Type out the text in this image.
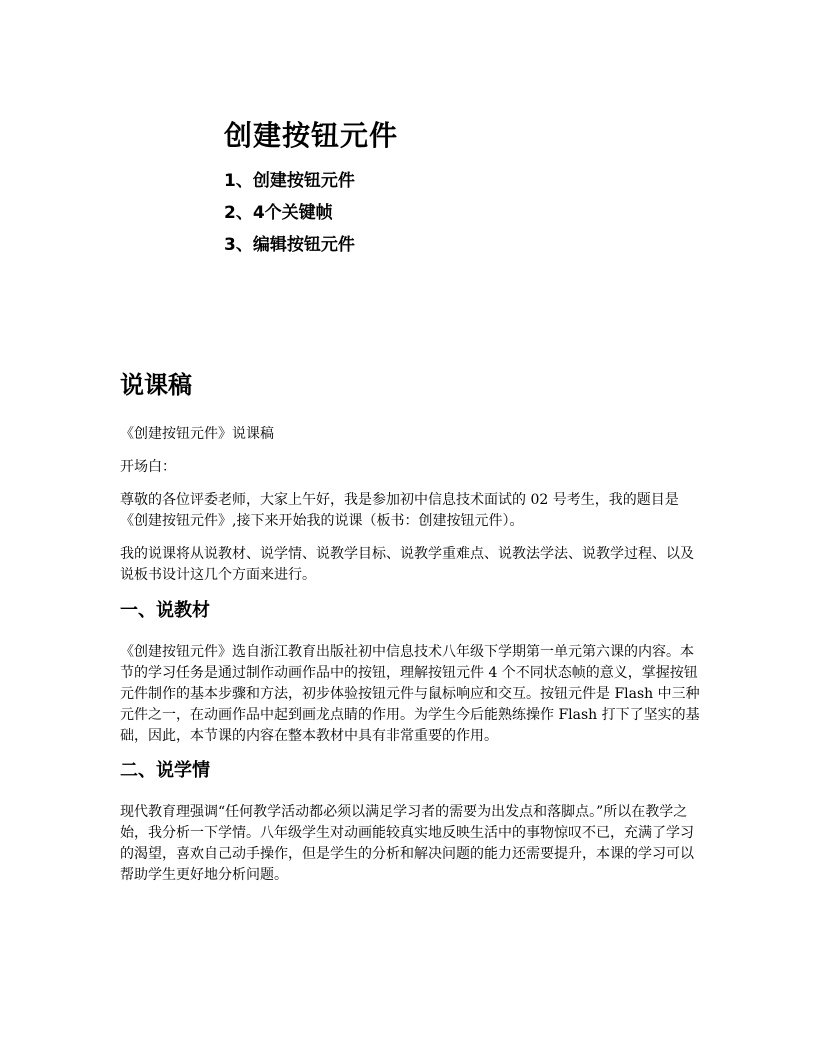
创建按钮元件
1、创建按钮元件
2、4个关键帧
3、编辑按钮元件
说课稿

《创建按钮元件》说课稿

开场白：

尊敬的各位评委老师，大家上午好，我是参加初中信息技术面试的 02 号考生，我的题目是《创建按钮元件》,接下来开始我的说课（板书：创建按钮元件）。

我的说课将从说教材、说学情、说教学目标、说教学重难点、说教法学法、说教学过程、以及说板书设计这几个方面来进行。

一、说教材

《创建按钮元件》选自浙江教育出版社初中信息技术八年级下学期第一单元第六课的内容。本节的学习任务是通过制作动画作品中的按钮，理解按钮元件 4 个不同状态帧的意义，掌握按钮元件制作的基本步骤和方法，初步体验按钮元件与鼠标响应和交互。按钮元件是 Flash 中三种元件之一，在动画作品中起到画龙点睛的作用。为学生今后能熟练操作 Flash 打下了坚实的基础，因此，本节课的内容在整本教材中具有非常重要的作用。

二、说学情

现代教育理强调“任何教学活动都必须以满足学习者的需要为出发点和落脚点。”所以在教学之始，我分析一下学情。八年级学生对动画能较真实地反映生活中的事物惊叹不已，充满了学习的渴望，喜欢自己动手操作，但是学生的分析和解决问题的能力还需要提升，本课的学习可以帮助学生更好地分析问题。
